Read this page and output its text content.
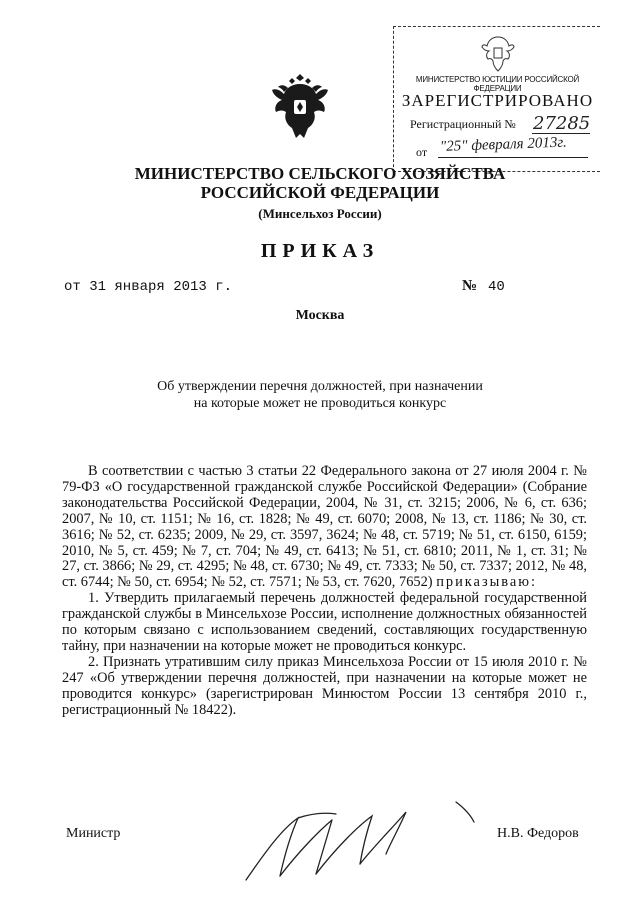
МИНИСТЕРСТВО ЮСТИЦИИ РОССИЙСКОЙ ФЕДЕРАЦИИ
ЗАРЕГИСТРИРОВАНО
Регистрационный № 27285
от "25" февраля 2013г.
МИНИСТЕРСТВО СЕЛЬСКОГО ХОЗЯЙСТВА
РОССИЙСКОЙ ФЕДЕРАЦИИ
(Минсельхоз России)
ПРИКАЗ
от 31 января 2013 г.	№ 40
Москва
Об утверждении перечня должностей, при назначении
на которые может не проводиться конкурс

В соответствии с частью 3 статьи 22 Федерального закона от 27 июля 2004 г. № 79-ФЗ «О государственной гражданской службе Российской Федерации» (Собрание законодательства Российской Федерации, 2004, № 31, ст. 3215; 2006, № 6, ст. 636; 2007, № 10, ст. 1151; № 16, ст. 1828; № 49, ст. 6070; 2008, № 13, ст. 1186; № 30, ст. 3616; № 52, ст. 6235; 2009, № 29, ст. 3597, 3624; № 48, ст. 5719; № 51, ст. 6150, 6159; 2010, № 5, ст. 459; № 7, ст. 704; № 49, ст. 6413; № 51, ст. 6810; 2011, № 1, ст. 31; № 27, ст. 3866; № 29, ст. 4295; № 48, ст. 6730; № 49, ст. 7333; № 50, ст. 7337; 2012, № 48, ст. 6744; № 50, ст. 6954; № 52, ст. 7571; № 53, ст. 7620, 7652) приказываю:

1. Утвердить прилагаемый перечень должностей федеральной государственной гражданской службы в Минсельхозе России, исполнение должностных обязанностей по которым связано с использованием сведений, составляющих государственную тайну, при назначении на которые может не проводиться конкурс.

2. Признать утратившим силу приказ Минсельхоза России от 15 июля 2010 г. № 247 «Об утверждении перечня должностей, при назначении на которые может не проводится конкурс» (зарегистрирован Минюстом России 13 сентября 2010 г., регистрационный № 18422).

Министр	Н.В. Федоров
